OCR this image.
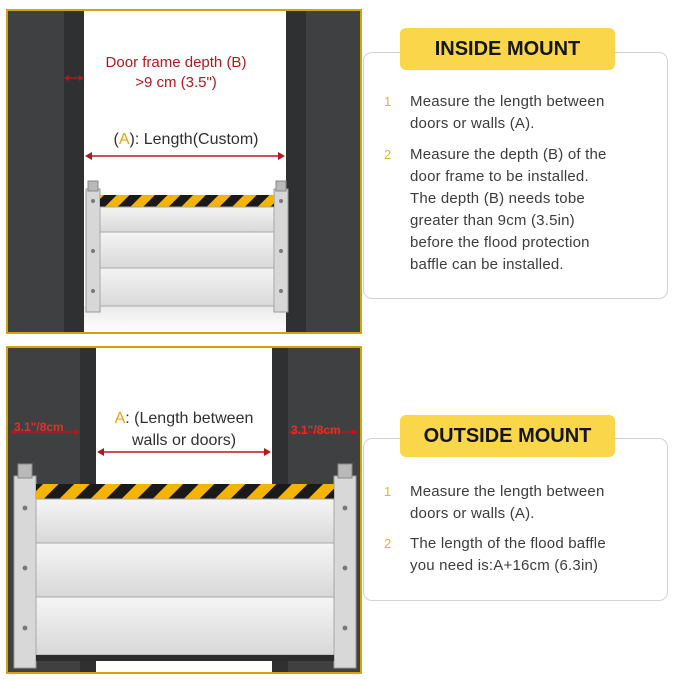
Door frame depth (B)
>9 cm (3.5")
(A): Length(Custom)
3.1"/8cm	3.1"/8cm
A: (Length between
walls or doors)
1	Measure the length between
doors or walls (A).
2	Measure the depth (B) of the
door frame to be installed.
The depth (B) needs tobe
greater than 9cm (3.5in)
before the flood protection
baffle can be installed.
INSIDE MOUNT
1	Measure the length between
doors or walls (A).
2	The length of the flood baffle
you need is:A+16cm (6.3in)
OUTSIDE MOUNT
